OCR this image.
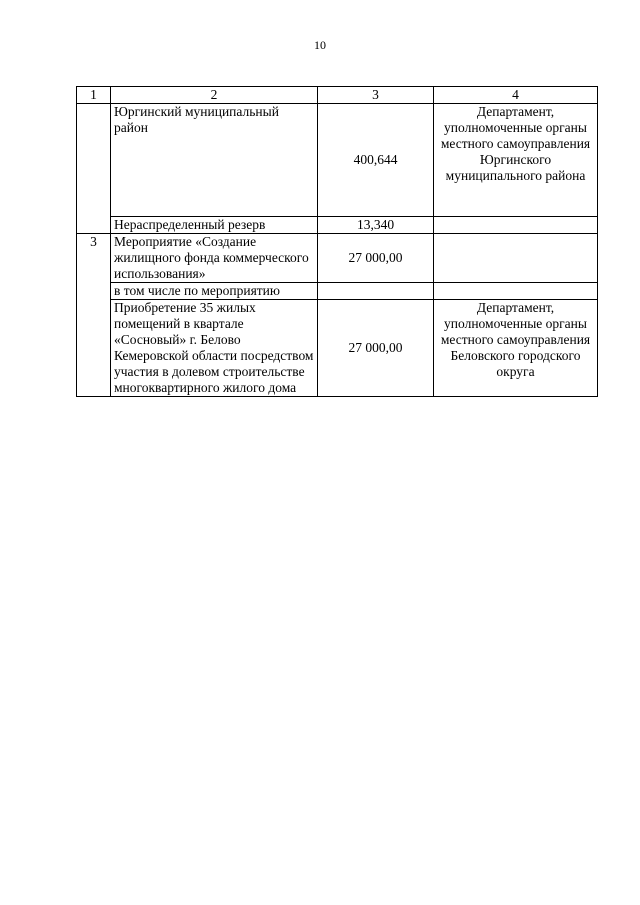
10
1	2	3	4
	Юргинский муниципальный район	400,644	Департамент, уполномоченные органы местного самоуправления Юргинского муниципального района
	Нераспределенный резерв	13,340	
3	Мероприятие «Создание жилищного фонда коммерческого использования»	27 000,00	
	в том числе по мероприятию		
	Приобретение 35 жилых помещений в квартале «Сосновый» г. Белово Кемеровской области посредством участия в долевом строительстве многоквартирного жилого дома	27 000,00	Департамент, уполномоченные органы местного самоуправления Беловского городского округа
